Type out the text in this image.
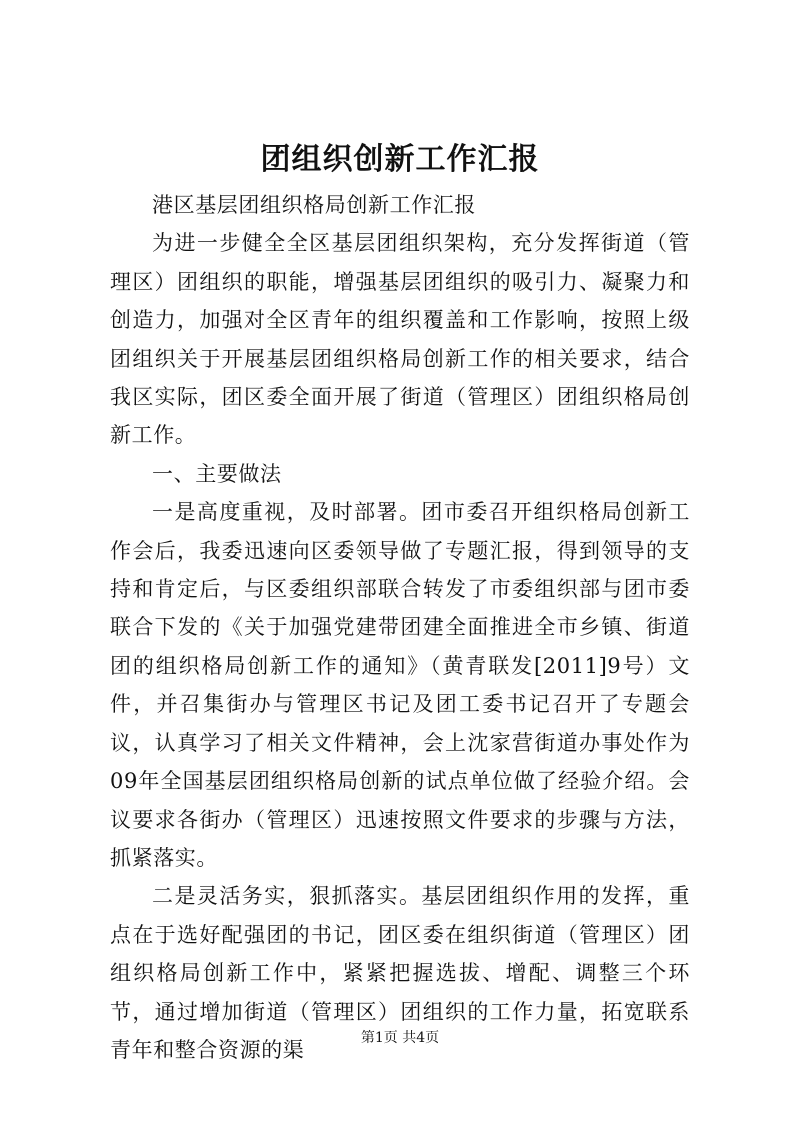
团组织创新工作汇报

港区基层团组织格局创新工作汇报

为进一步健全全区基层团组织架构，充分发挥街道（管理区）团组织的职能，增强基层团组织的吸引力、凝聚力和创造力，加强对全区青年的组织覆盖和工作影响，按照上级团组织关于开展基层团组织格局创新工作的相关要求，结合我区实际，团区委全面开展了街道（管理区）团组织格局创新工作。

一、主要做法

一是高度重视，及时部署。团市委召开组织格局创新工作会后，我委迅速向区委领导做了专题汇报，得到领导的支持和肯定后，与区委组织部联合转发了市委组织部与团市委联合下发的《关于加强党建带团建全面推进全市乡镇、街道团的组织格局创新工作的通知》（黄青联发[2011]9号）文件，并召集街办与管理区书记及团工委书记召开了专题会议，认真学习了相关文件精神，会上沈家营街道办事处作为09年全国基层团组织格局创新的试点单位做了经验介绍。会议要求各街办（管理区）迅速按照文件要求的步骤与方法，抓紧落实。

二是灵活务实，狠抓落实。基层团组织作用的发挥，重点在于选好配强团的书记，团区委在组织街道（管理区）团组织格局创新工作中，紧紧把握选拔、增配、调整三个环节，通过增加街道（管理区）团组织的工作力量，拓宽联系青年和整合资源的渠	第1页 共4页
